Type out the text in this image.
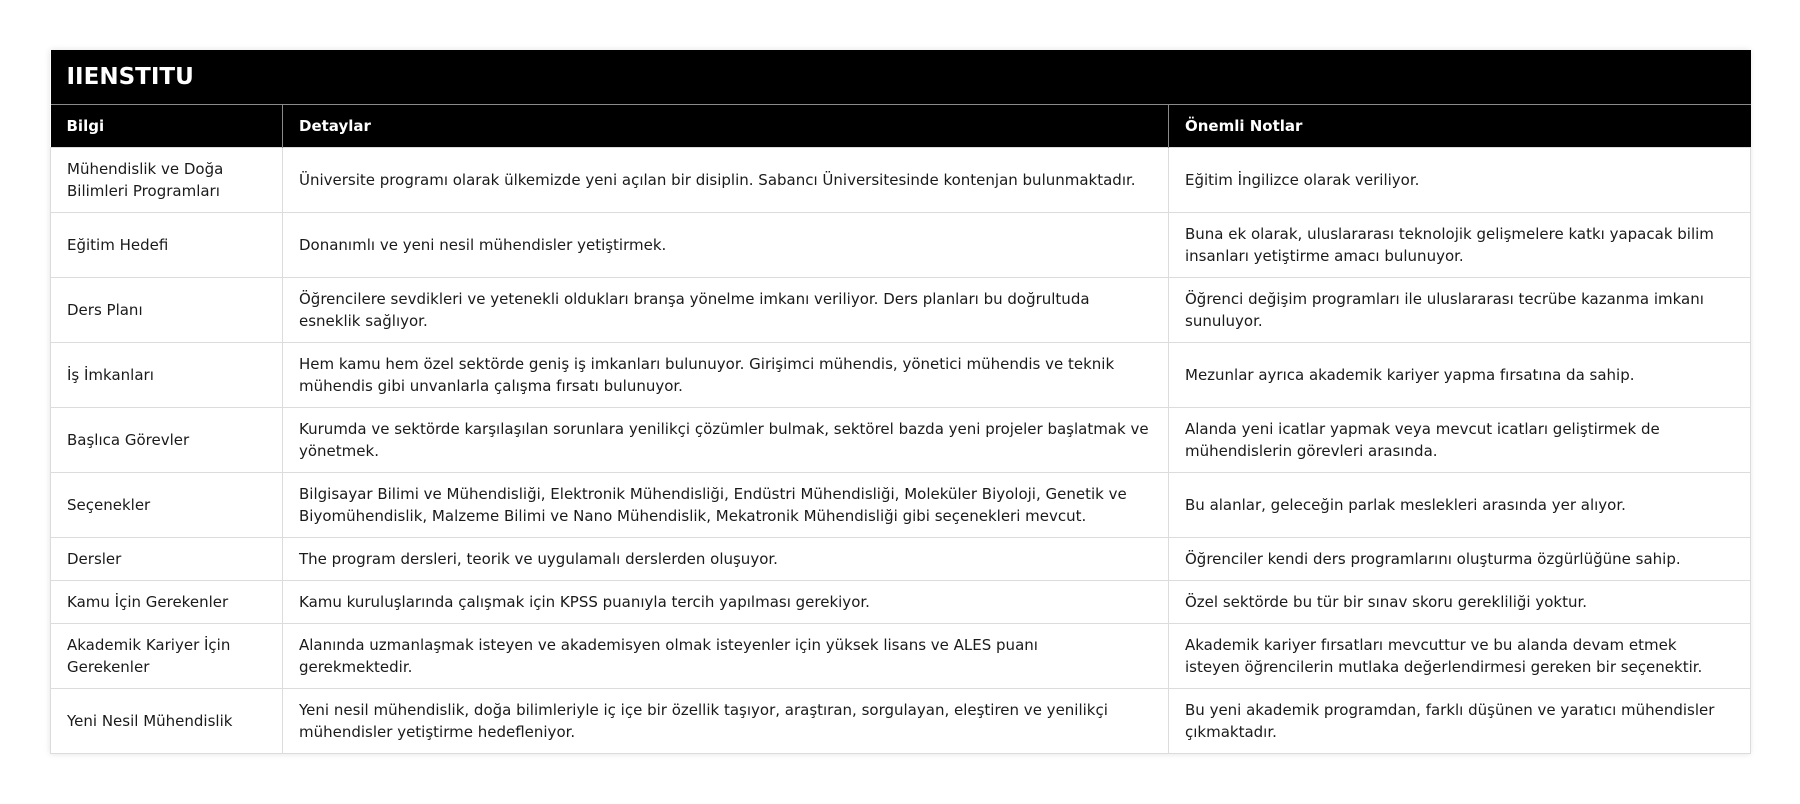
IIENSTITU		
Bilgi	Detaylar	Önemli Notlar
Mühendislik ve Doğa Bilimleri Programları	Üniversite programı olarak ülkemizde yeni açılan bir disiplin. Sabancı Üniversitesinde kontenjan bulunmaktadır.	Eğitim İngilizce olarak veriliyor.
Eğitim Hedefi	Donanımlı ve yeni nesil mühendisler yetiştirmek.	Buna ek olarak, uluslararası teknolojik gelişmelere katkı yapacak bilim insanları yetiştirme amacı bulunuyor.
Ders Planı	Öğrencilere sevdikleri ve yetenekli oldukları branşa yönelme imkanı veriliyor. Ders planları bu doğrultuda esneklik sağlıyor.	Öğrenci değişim programları ile uluslararası tecrübe kazanma imkanı sunuluyor.
İş İmkanları	Hem kamu hem özel sektörde geniş iş imkanları bulunuyor. Girişimci mühendis, yönetici mühendis ve teknik mühendis gibi unvanlarla çalışma fırsatı bulunuyor.	Mezunlar ayrıca akademik kariyer yapma fırsatına da sahip.
Başlıca Görevler	Kurumda ve sektörde karşılaşılan sorunlara yenilikçi çözümler bulmak, sektörel bazda yeni projeler başlatmak ve yönetmek.	Alanda yeni icatlar yapmak veya mevcut icatları geliştirmek de mühendislerin görevleri arasında.
Seçenekler	Bilgisayar Bilimi ve Mühendisliği, Elektronik Mühendisliği, Endüstri Mühendisliği, Moleküler Biyoloji, Genetik ve Biyomühendislik, Malzeme Bilimi ve Nano Mühendislik, Mekatronik Mühendisliği gibi seçenekleri mevcut.	Bu alanlar, geleceğin parlak meslekleri arasında yer alıyor.
Dersler	The program dersleri, teorik ve uygulamalı derslerden oluşuyor.	Öğrenciler kendi ders programlarını oluşturma özgürlüğüne sahip.
Kamu İçin Gerekenler	Kamu kuruluşlarında çalışmak için KPSS puanıyla tercih yapılması gerekiyor.	Özel sektörde bu tür bir sınav skoru gerekliliği yoktur.
Akademik Kariyer İçin Gerekenler	Alanında uzmanlaşmak isteyen ve akademisyen olmak isteyenler için yüksek lisans ve ALES puanı gerekmektedir.	Akademik kariyer fırsatları mevcuttur ve bu alanda devam etmek isteyen öğrencilerin mutlaka değerlendirmesi gereken bir seçenektir.
Yeni Nesil Mühendislik	Yeni nesil mühendislik, doğa bilimleriyle iç içe bir özellik taşıyor, araştıran, sorgulayan, eleştiren ve yenilikçi mühendisler yetiştirme hedefleniyor.	Bu yeni akademik programdan, farklı düşünen ve yaratıcı mühendisler çıkmaktadır.
